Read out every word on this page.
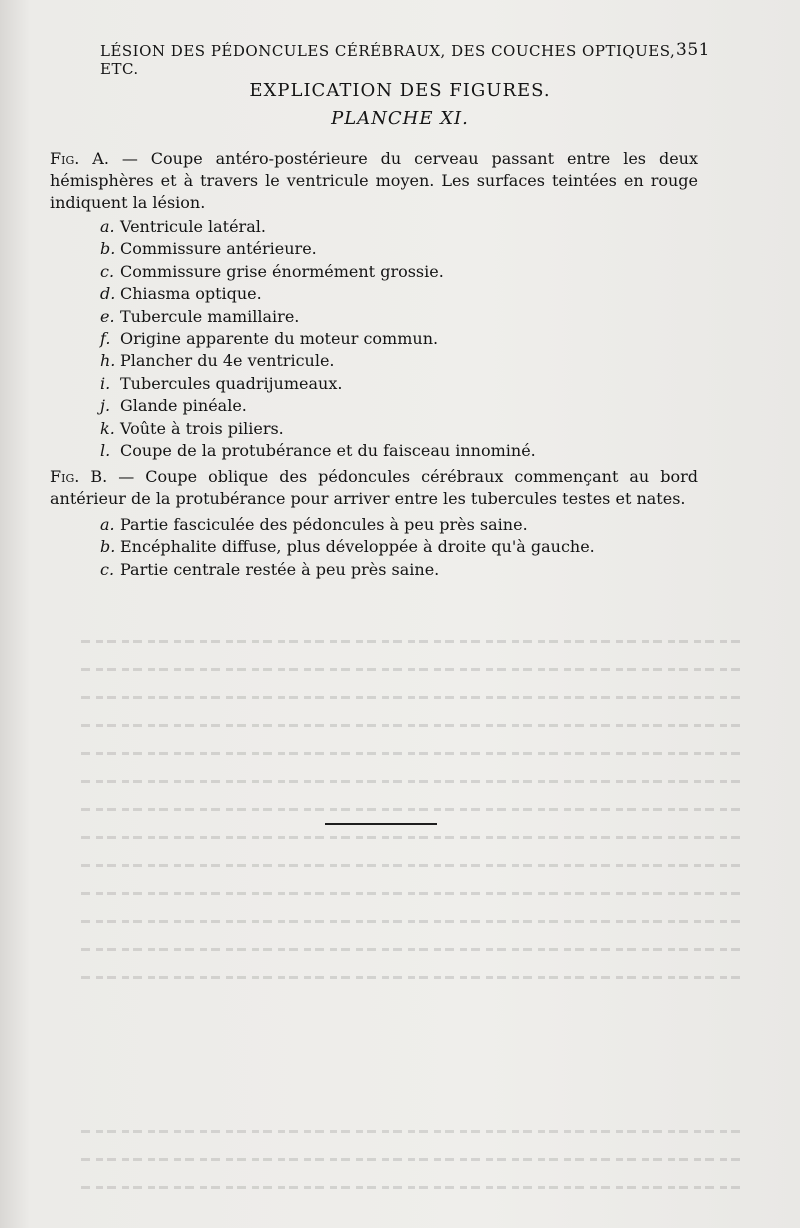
LÉSION DES PÉDONCULES CÉRÉBRAUX, DES COUCHES OPTIQUES, ETC.
351
EXPLICATION DES FIGURES.
PLANCHE XI.
Fig. A. — Coupe antéro-postérieure du cerveau passant entre les deux hémisphères et à travers le ventricule moyen. Les surfaces teintées en rouge indiquent la lésion.
a. Ventricule latéral.
b. Commissure antérieure.
c. Commissure grise énormément grossie.
d. Chiasma optique.
e. Tubercule mamillaire.
f. Origine apparente du moteur commun.
h. Plancher du 4e ventricule.
i. Tubercules quadrijumeaux.
j. Glande pinéale.
k. Voûte à trois piliers.
l. Coupe de la protubérance et du faisceau innominé.
Fig. B. — Coupe oblique des pédoncules cérébraux commençant au bord antérieur de la protubérance pour arriver entre les tubercules testes et nates.
a. Partie fasciculée des pédoncules à peu près saine.
b. Encéphalite diffuse, plus développée à droite qu'à gauche.
c. Partie centrale restée à peu près saine.
